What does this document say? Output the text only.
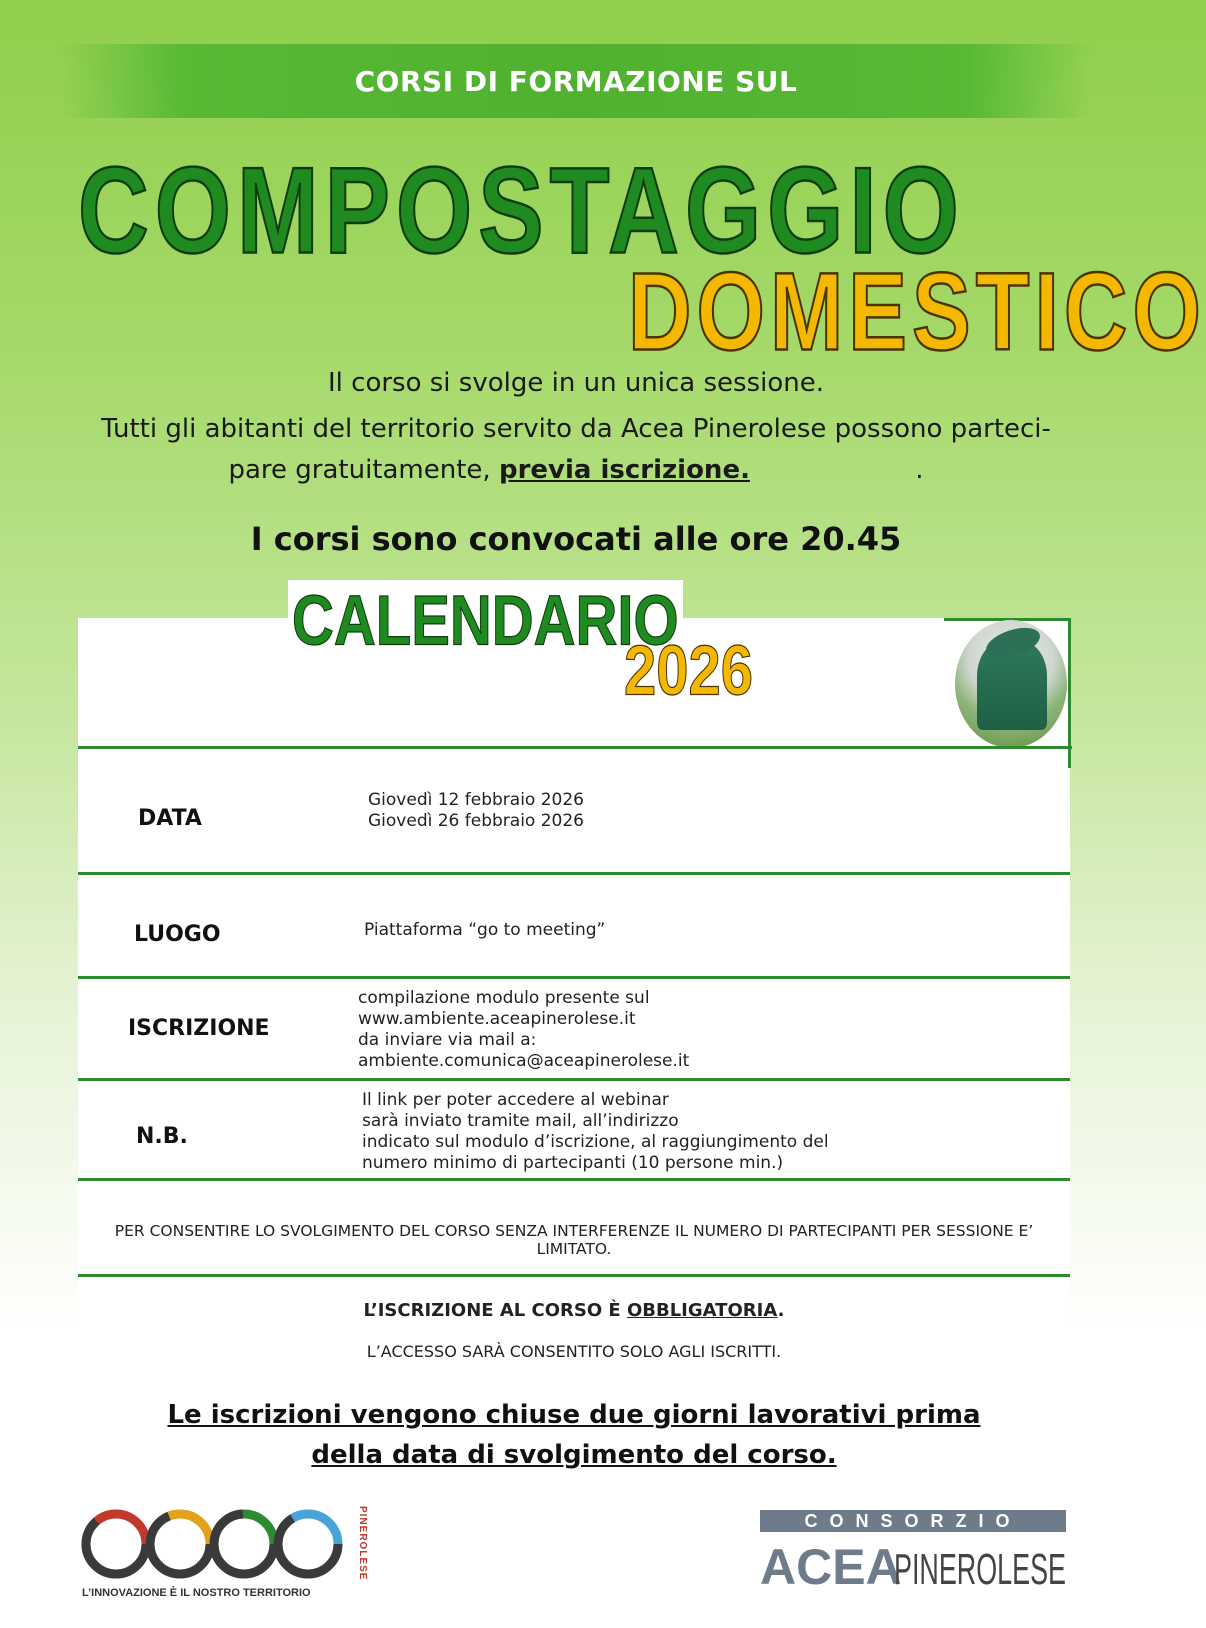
CORSI DI FORMAZIONE SUL
COMPOSTAGGIO
DOMESTICO
Il corso si svolge in un unica sessione.
Tutti gli abitanti del territorio servito da Acea Pinerolese possono parteci-
pare gratuitamente, previa iscrizione.                    .
I corsi sono convocati alle ore 20.45
CALENDARIO
2026
DATA
Giovedì 12 febbraio 2026
Giovedì 26 febbraio 2026
LUOGO	Piattaforma “go to meeting”
ISCRIZIONE
compilazione modulo presente sul
www.ambiente.aceapinerolese.it
da inviare via mail a:
ambiente.comunica@aceapinerolese.it
N.B.
Il link per poter accedere al webinar
sarà inviato tramite mail, all’indirizzo
indicato sul modulo d’iscrizione, al raggiungimento del
numero minimo di partecipanti (10 persone min.)
PER CONSENTIRE LO SVOLGIMENTO DEL CORSO SENZA INTERFERENZE IL NUMERO DI PARTECIPANTI PER SESSIONE E’ LIMITATO.
L’ISCRIZIONE AL CORSO È OBBLIGATORIA.
L’ACCESSO SARÀ CONSENTITO SOLO AGLI ISCRITTI.
Le iscrizioni vengono chiuse due giorni lavorativi prima
della data di svolgimento del corso.
L’INNOVAZIONE È IL NOSTRO TERRITORIO
PINEROLESE
acea
CONSORZIO
ACEA
PINEROLESE
